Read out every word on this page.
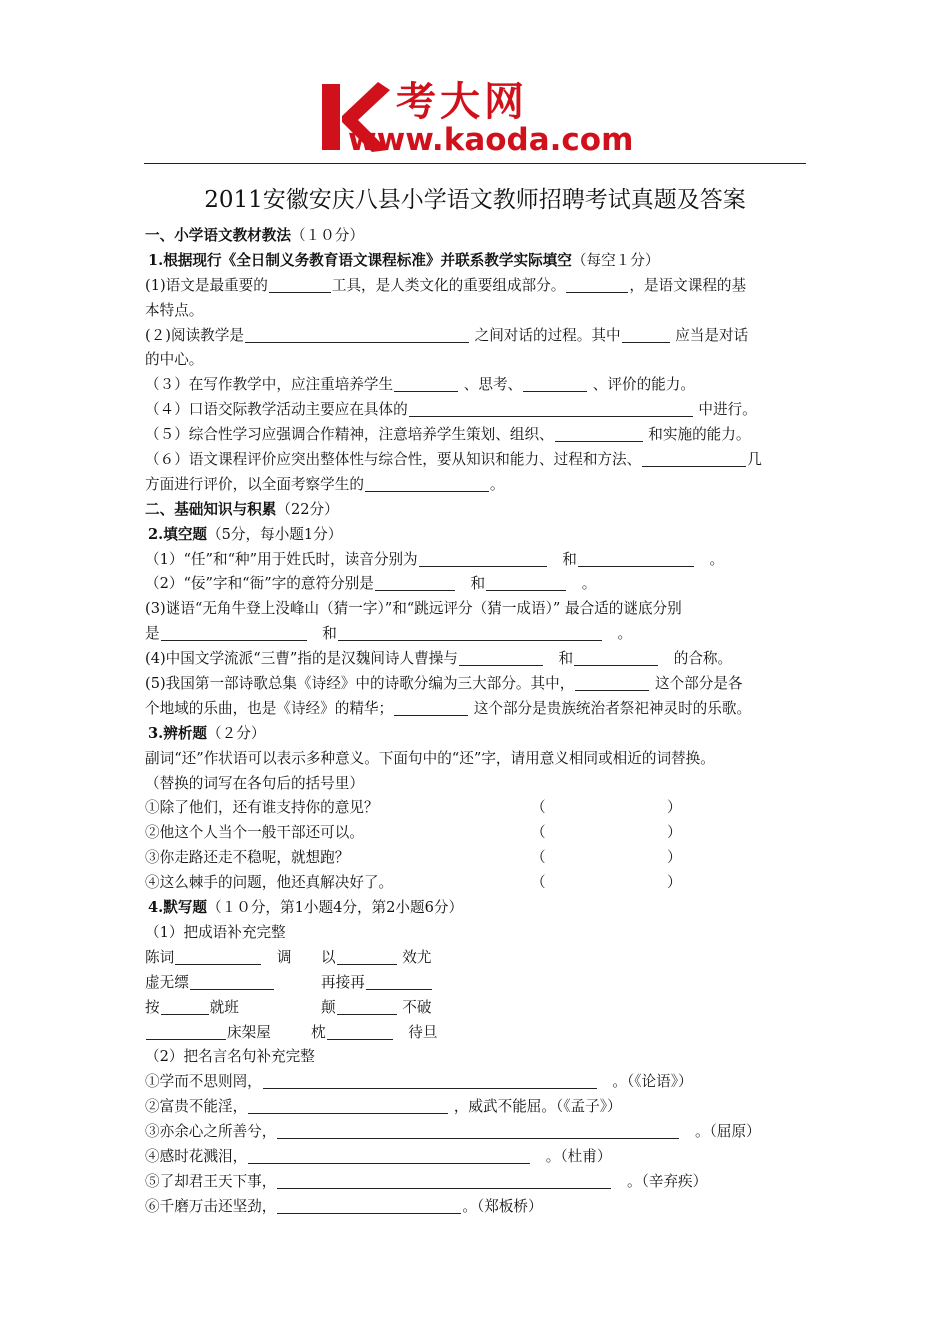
考大网
www.kaoda.com
2011安徽安庆八县小学语文教师招聘考试真题及答案
一、小学语文教材教法（１０分）
1.根据现行《全日制义务教育语文课程标准》并联系教学实际填空（每空１分）
(1)语文是最重要的	工具，是人类文化的重要组成部分。	，是语文课程的基
本特点。
(２)阅读教学是	之间对话的过程。其中	应当是对话
的中心。
（３）在写作教学中，应注重培养学生	、思考、	、评价的能力。
（４）口语交际教学活动主要应在具体的	中进行。
（５）综合性学习应强调合作精神，注意培养学生策划、组织、	和实施的能力。
（６）语文课程评价应突出整体性与综合性，要从知识和能力、过程和方法、	几
方面进行评价，以全面考察学生的	。
二、基础知识与积累（22分）
2.填空题（5分，每小题1分）
（1）“任”和“种”用于姓氏时，读音分别为　	和　	。
（2）“佞”字和“衙”字的意符分别是　	和　	。
(3)谜语“无角牛登上没峰山（猜一字）”和“跳远评分（猜一成语）” 最合适的谜底分别
是　	和　	。
(4)中国文学流派“三曹”指的是汉魏间诗人曹操与　	和　	的合称。
(5)我国第一部诗歌总集《诗经》中的诗歌分编为三大部分。其中，	这个部分是各
个地域的乐曲，也是《诗经》的精华；	这个部分是贵族统治者祭祀神灵时的乐歌。
3.辨析题（２分）
副词“还”作状语可以表示多种意义。下面句中的“还”字，请用意义相同或相近的词替换。
（替换的词写在各句后的括号里）
①除了他们，还有谁支持你的意见？	（	）
②他这个人当个一般干部还可以。	（	）
③你走路还走不稳呢，就想跑？	（	）
④这么棘手的问题，他还真解决好了。	（	）
4.默写题（１０分，第1小题4分，第2小题6分）
（1）把成语补充完整
陈词　	调 以	效尤
虚无缥	再接再
按	就班	颠	不破
床架屋	枕　	待旦
（2）把名言名句补充完整
①学而不思则罔，　	。（《论语》）
②富贵不能淫，	，威武不能屈。（《孟子》）
③亦余心之所善兮，　	。（屈原）
④感时花溅泪，　	。（杜甫）
⑤了却君王天下事，　	。（辛弃疾）
⑥千磨万击还坚劲，	。（郑板桥）
